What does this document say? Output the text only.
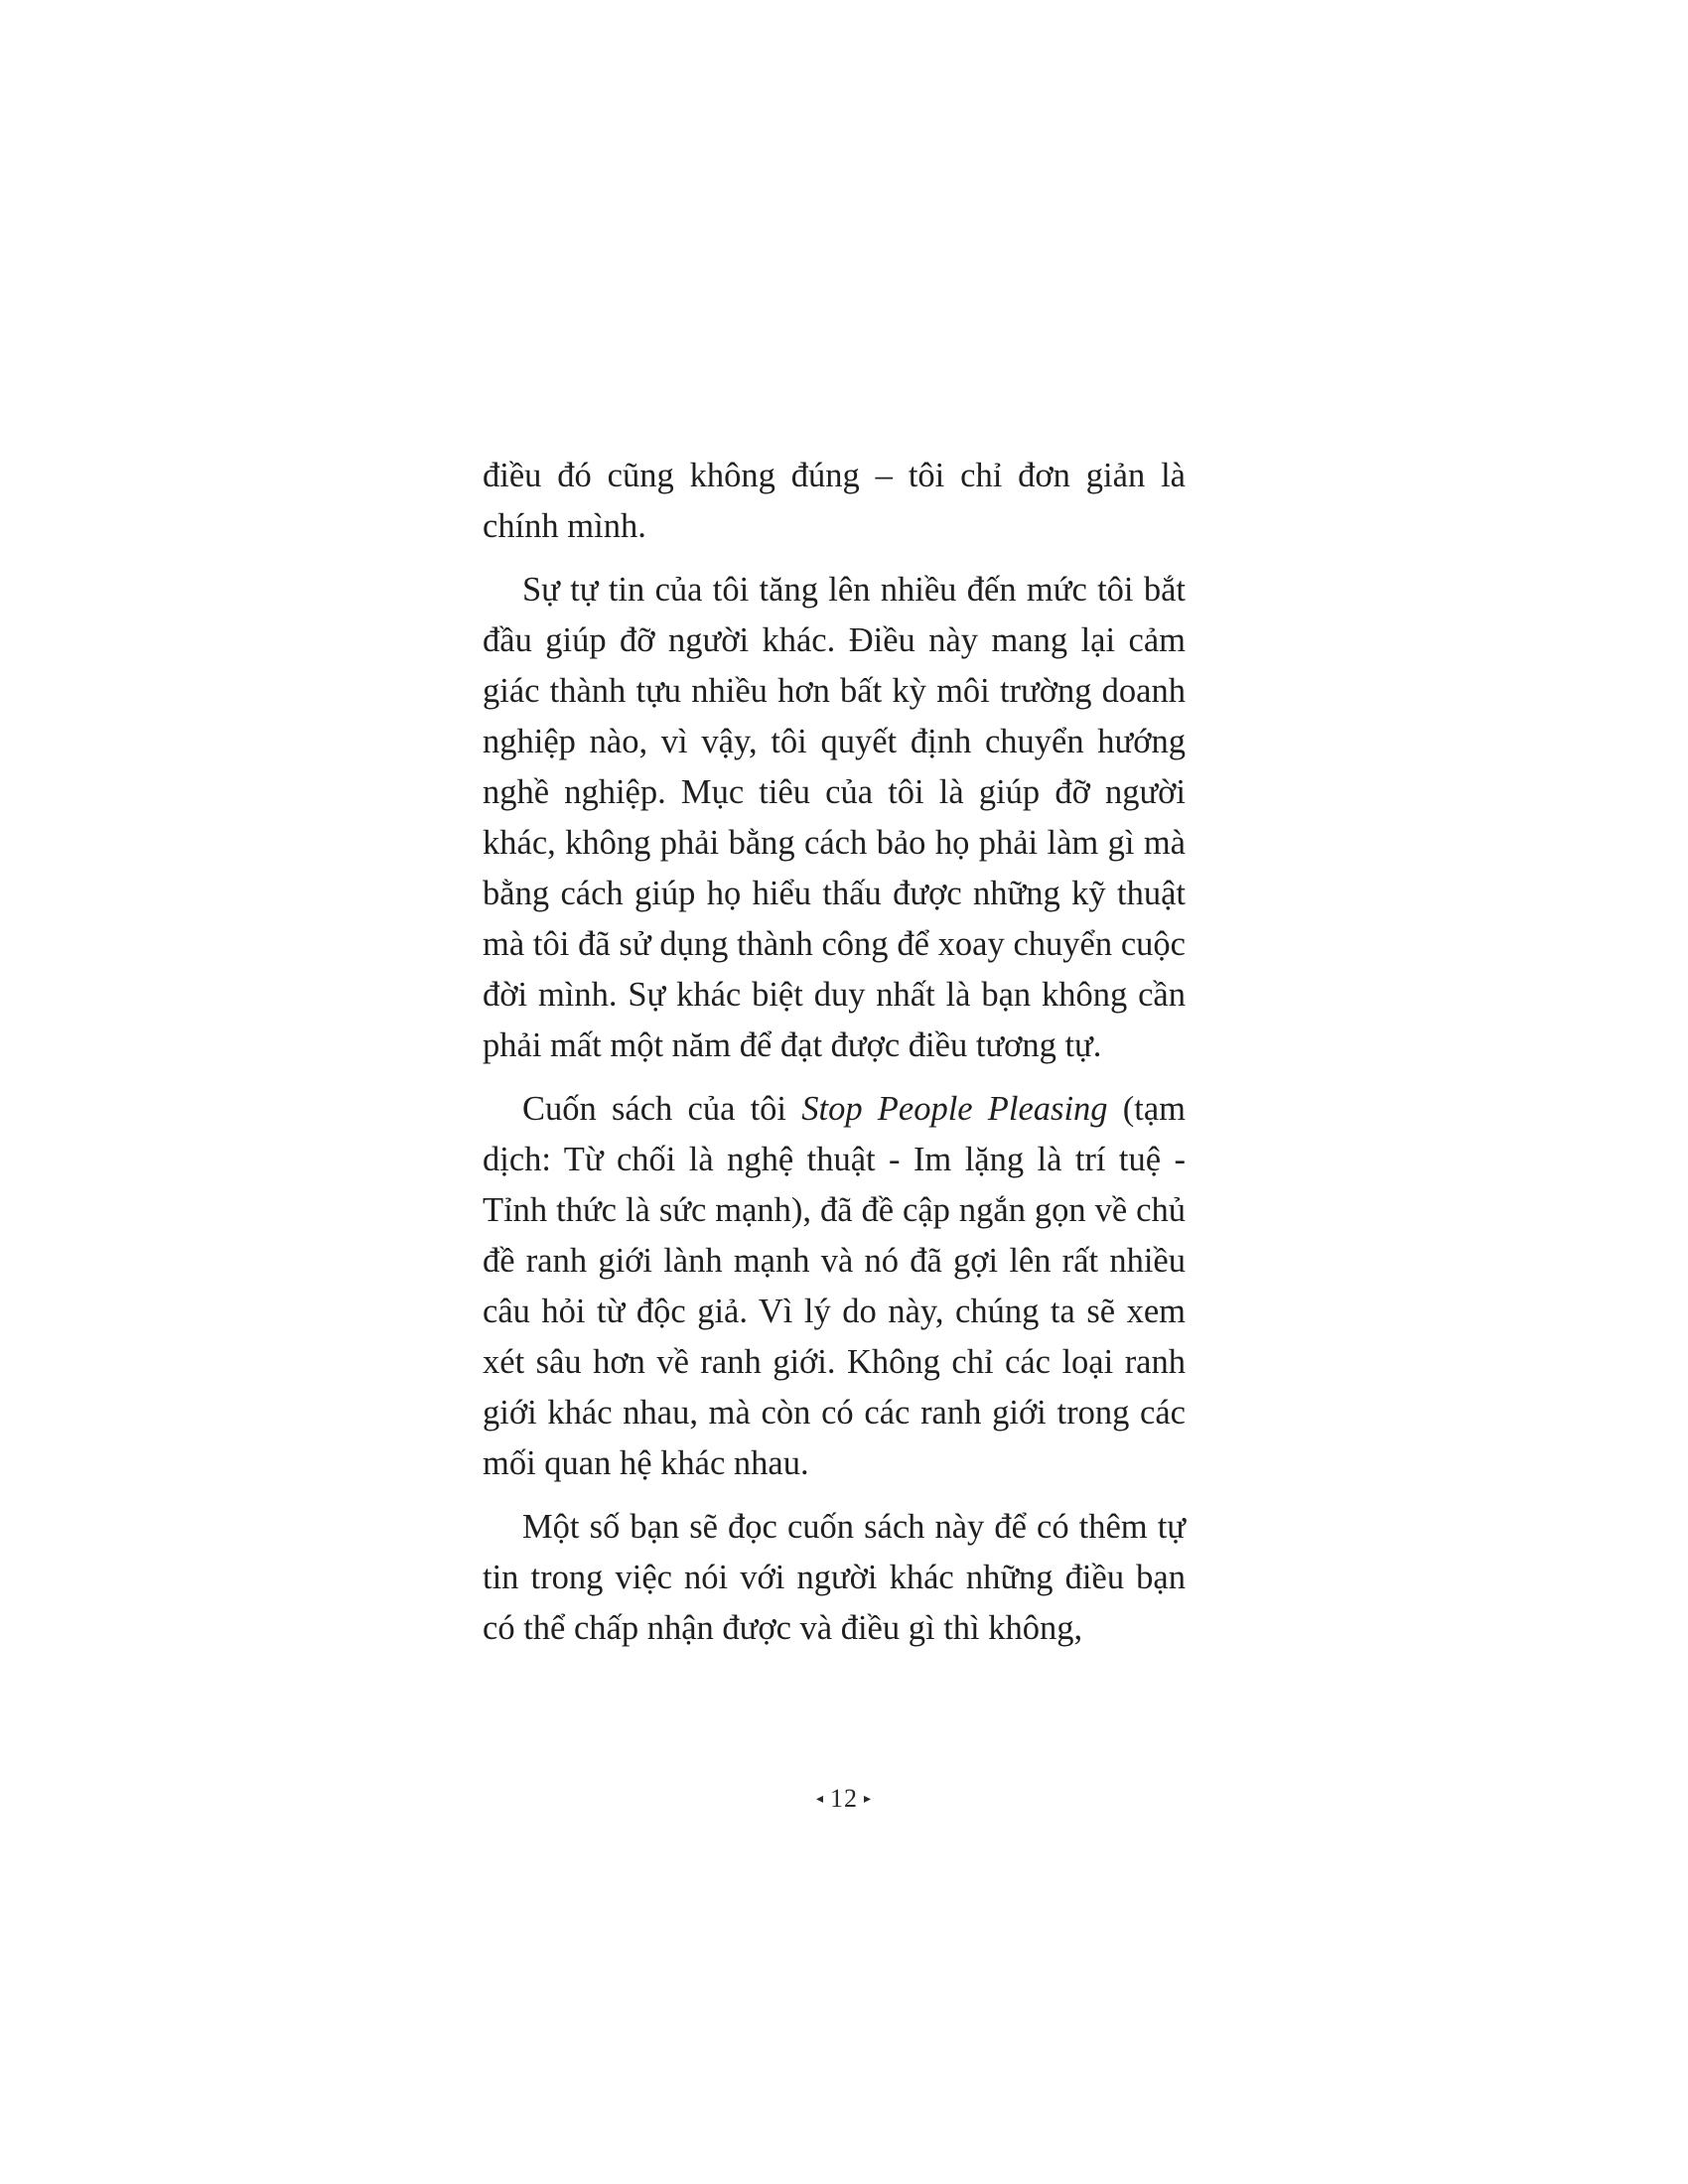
điều đó cũng không đúng – tôi chỉ đơn giản là chính mình.

Sự tự tin của tôi tăng lên nhiều đến mức tôi bắt đầu giúp đỡ người khác. Điều này mang lại cảm giác thành tựu nhiều hơn bất kỳ môi trường doanh nghiệp nào, vì vậy, tôi quyết định chuyển hướng nghề nghiệp. Mục tiêu của tôi là giúp đỡ người khác, không phải bằng cách bảo họ phải làm gì mà bằng cách giúp họ hiểu thấu được những kỹ thuật mà tôi đã sử dụng thành công để xoay chuyển cuộc đời mình. Sự khác biệt duy nhất là bạn không cần phải mất một năm để đạt được điều tương tự.

Cuốn sách của tôi Stop People Pleasing (tạm dịch: Từ chối là nghệ thuật - Im lặng là trí tuệ - Tỉnh thức là sức mạnh), đã đề cập ngắn gọn về chủ đề ranh giới lành mạnh và nó đã gợi lên rất nhiều câu hỏi từ độc giả. Vì lý do này, chúng ta sẽ xem xét sâu hơn về ranh giới. Không chỉ các loại ranh giới khác nhau, mà còn có các ranh giới trong các mối quan hệ khác nhau.

Một số bạn sẽ đọc cuốn sách này để có thêm tự tin trong việc nói với người khác những điều bạn có thể chấp nhận được và điều gì thì không,

◂ 12 ▸
